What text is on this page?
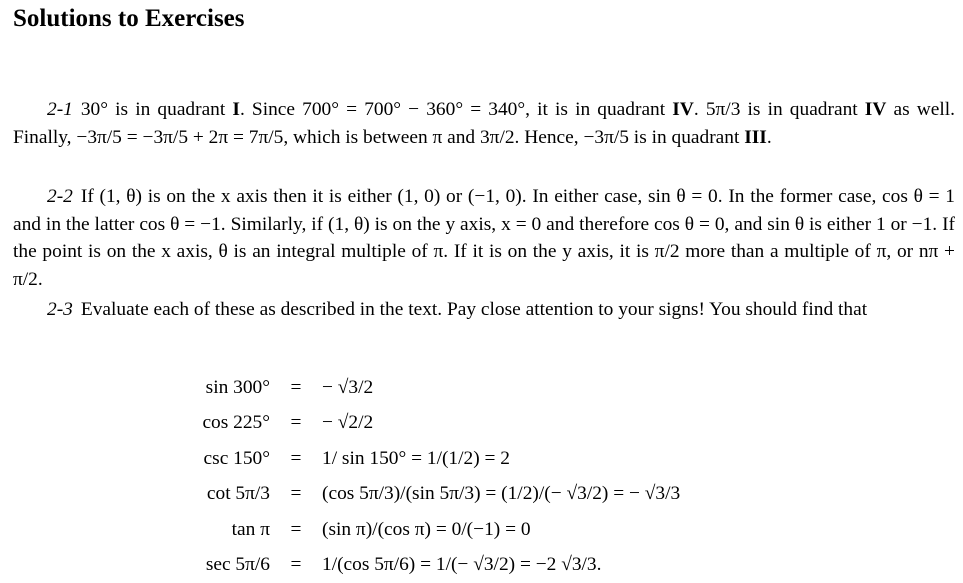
Solutions to Exercises

2-1 30° is in quadrant I. Since 700° = 700° − 360° = 340°, it is in quadrant IV. 5π/3 is in quadrant IV as well. Finally, −3π/5 = −3π/5 + 2π = 7π/5, which is between π and 3π/2. Hence, −3π/5 is in quadrant III.

2-2 If (1, θ) is on the x axis then it is either (1, 0) or (−1, 0). In either case, sin θ = 0. In the former case, cos θ = 1 and in the latter cos θ = −1. Similarly, if (1, θ) is on the y axis, x = 0 and therefore cos θ = 0, and sin θ is either 1 or −1. If the point is on the x axis, θ is an integral multiple of π. If it is on the y axis, it is π/2 more than a multiple of π, or nπ + π/2.

2-3 Evaluate each of these as described in the text. Pay close attention to your signs! You should find that

sin 300°	=	− √3/2
cos 225°	=	− √2/2
csc 150°	=	1/ sin 150° = 1/(1/2) = 2
cot 5π/3	=	(cos 5π/3)/(sin 5π/3) = (1/2)/(− √3/2) = − √3/3
tan π	=	(sin π)/(cos π) = 0/(−1) = 0
sec 5π/6	=	1/(cos 5π/6) = 1/(− √3/2) = −2 √3/3.
